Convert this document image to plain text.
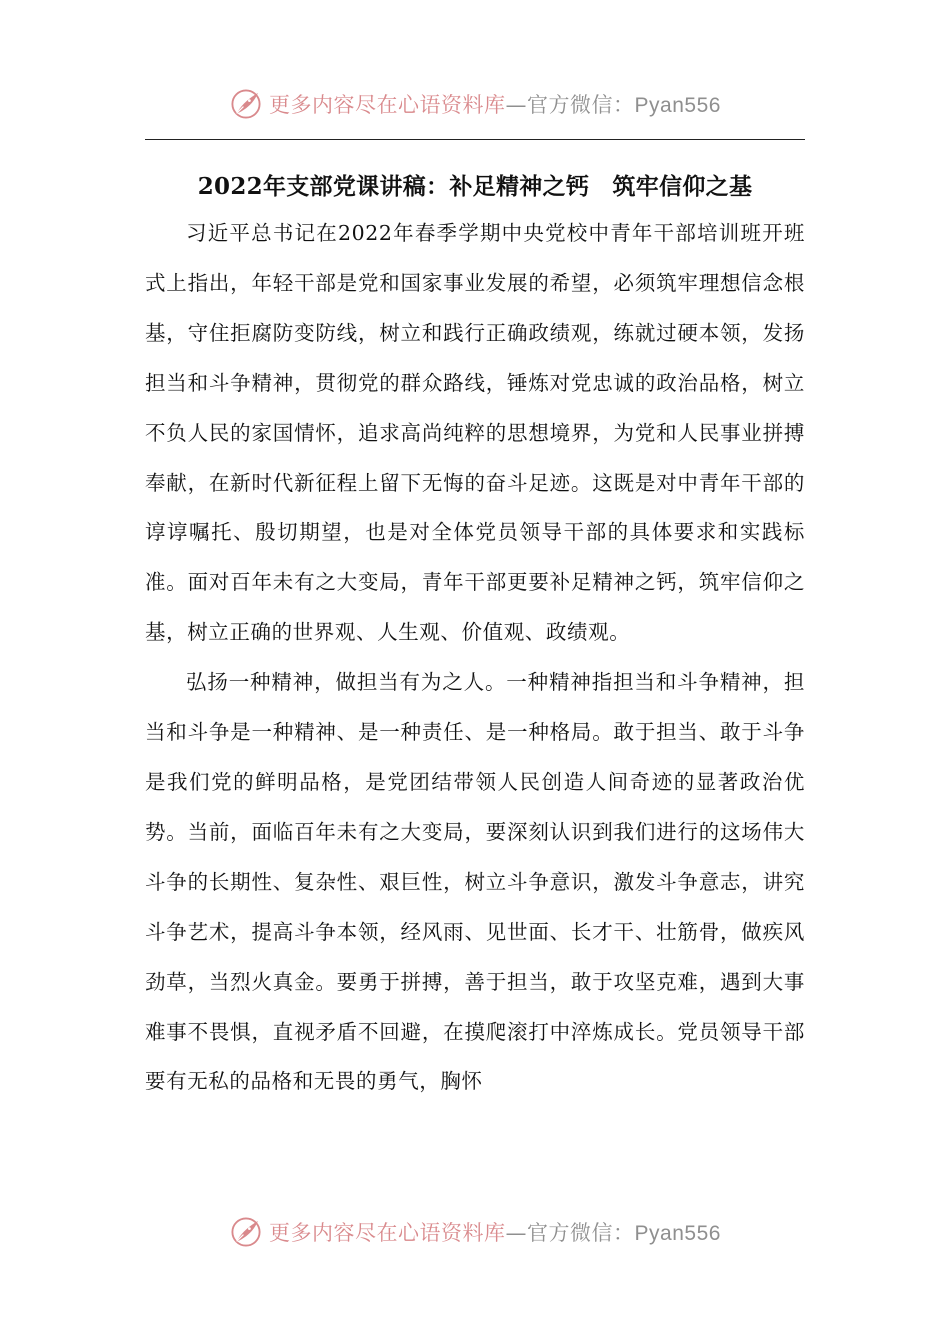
更多内容尽在心语资料库—官方微信：Pyan556
2022年支部党课讲稿：补足精神之钙　筑牢信仰之基

习近平总书记在2022年春季学期中央党校中青年干部培训班开班式上指出，年轻干部是党和国家事业发展的希望，必须筑牢理想信念根基，守住拒腐防变防线，树立和践行正确政绩观，练就过硬本领，发扬担当和斗争精神，贯彻党的群众路线，锤炼对党忠诚的政治品格，树立不负人民的家国情怀，追求高尚纯粹的思想境界，为党和人民事业拼搏奉献，在新时代新征程上留下无悔的奋斗足迹。这既是对中青年干部的谆谆嘱托、殷切期望，也是对全体党员领导干部的具体要求和实践标准。面对百年未有之大变局，青年干部更要补足精神之钙，筑牢信仰之基，树立正确的世界观、人生观、价值观、政绩观。

弘扬一种精神，做担当有为之人。一种精神指担当和斗争精神，担当和斗争是一种精神、是一种责任、是一种格局。敢于担当、敢于斗争是我们党的鲜明品格，是党团结带领人民创造人间奇迹的显著政治优势。当前，面临百年未有之大变局，要深刻认识到我们进行的这场伟大斗争的长期性、复杂性、艰巨性，树立斗争意识，激发斗争意志，讲究斗争艺术，提高斗争本领，经风雨、见世面、长才干、壮筋骨，做疾风劲草，当烈火真金。要勇于拼搏，善于担当，敢于攻坚克难，遇到大事难事不畏惧，直视矛盾不回避，在摸爬滚打中淬炼成长。党员领导干部要有无私的品格和无畏的勇气，胸怀

更多内容尽在心语资料库—官方微信：Pyan556
